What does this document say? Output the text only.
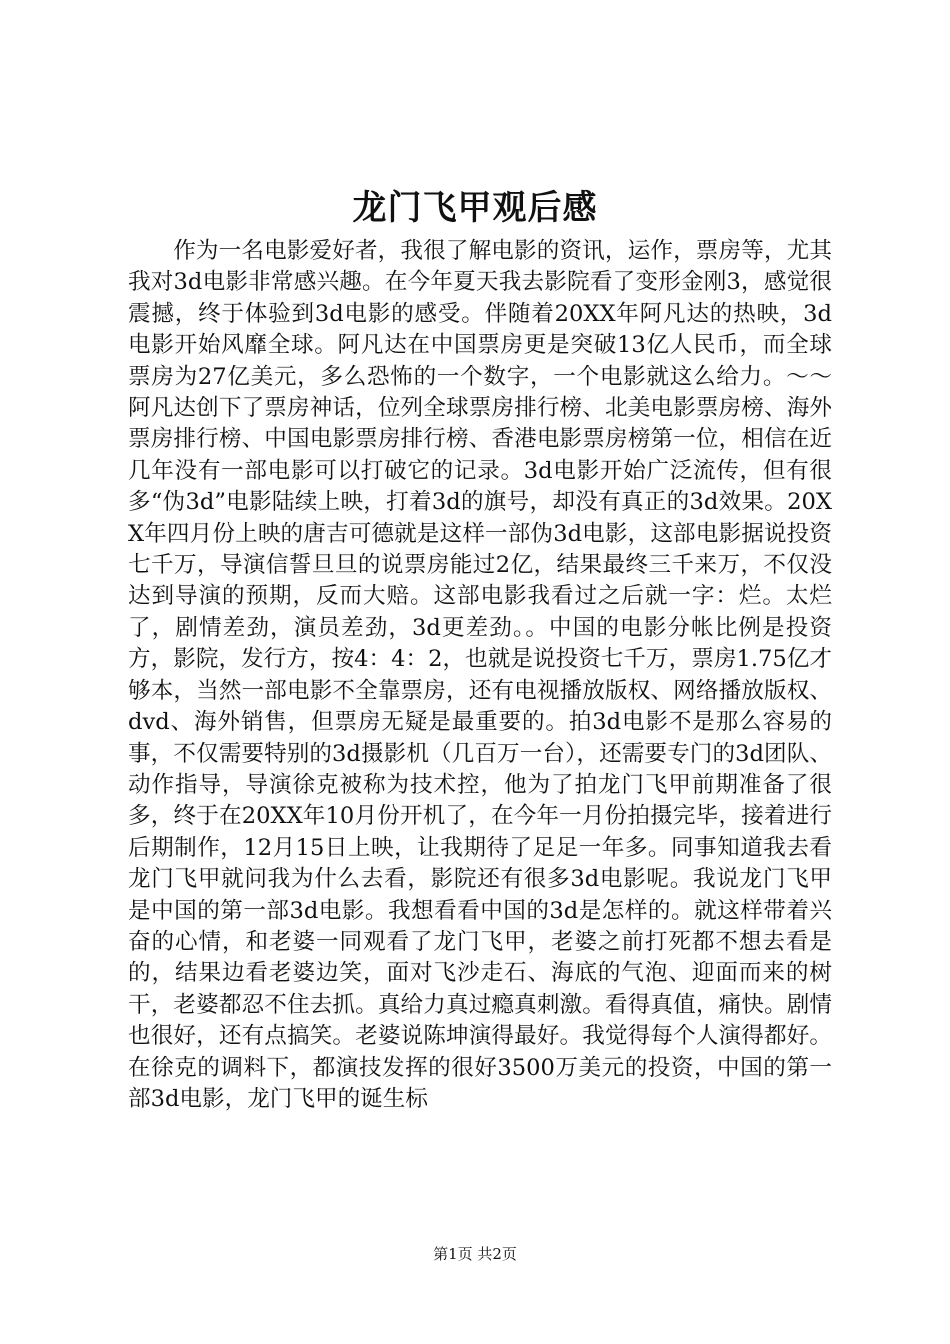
龙门飞甲观后感

作为一名电影爱好者，我很了解电影的资讯，运作，票房等，尤其我对3d电影非常感兴趣。在今年夏天我去影院看了变形金刚3，感觉很震撼，终于体验到3d电影的感受。伴随着20XX年阿凡达的热映，3d电影开始风靡全球。阿凡达在中国票房更是突破13亿人民币，而全球票房为27亿美元，多么恐怖的一个数字，一个电影就这么给力。～～阿凡达创下了票房神话，位列全球票房排行榜、北美电影票房榜、海外票房排行榜、中国电影票房排行榜、香港电影票房榜第一位，相信在近几年没有一部电影可以打破它的记录。3d电影开始广泛流传，但有很多“伪3d”电影陆续上映，打着3d的旗号，却没有真正的3d效果。20XX年四月份上映的唐吉可德就是这样一部伪3d电影，这部电影据说投资七千万，导演信誓旦旦的说票房能过2亿，结果最终三千来万，不仅没达到导演的预期，反而大赔。这部电影我看过之后就一字：烂。太烂了，剧情差劲，演员差劲，3d更差劲。。中国的电影分帐比例是投资方，影院，发行方，按4：4：2，也就是说投资七千万，票房1.75亿才够本，当然一部电影不全靠票房，还有电视播放版权、网络播放版权、dvd、海外销售，但票房无疑是最重要的。拍3d电影不是那么容易的事，不仅需要特别的3d摄影机（几百万一台），还需要专门的3d团队、动作指导，导演徐克被称为技术控，他为了拍龙门飞甲前期准备了很多，终于在20XX年10月份开机了，在今年一月份拍摄完毕，接着进行后期制作，12月15日上映，让我期待了足足一年多。同事知道我去看龙门飞甲就问我为什么去看，影院还有很多3d电影呢。我说龙门飞甲是中国的第一部3d电影。我想看看中国的3d是怎样的。就这样带着兴奋的心情，和老婆一同观看了龙门飞甲，老婆之前打死都不想去看是的，结果边看老婆边笑，面对飞沙走石、海底的气泡、迎面而来的树干，老婆都忍不住去抓。真给力真过瘾真刺激。看得真值，痛快。剧情也很好，还有点搞笑。老婆说陈坤演得最好。我觉得每个人演得都好。在徐克的调料下，都演技发挥的很好3500万美元的投资，中国的第一部3d电影，龙门飞甲的诞生标

第1页 共2页
